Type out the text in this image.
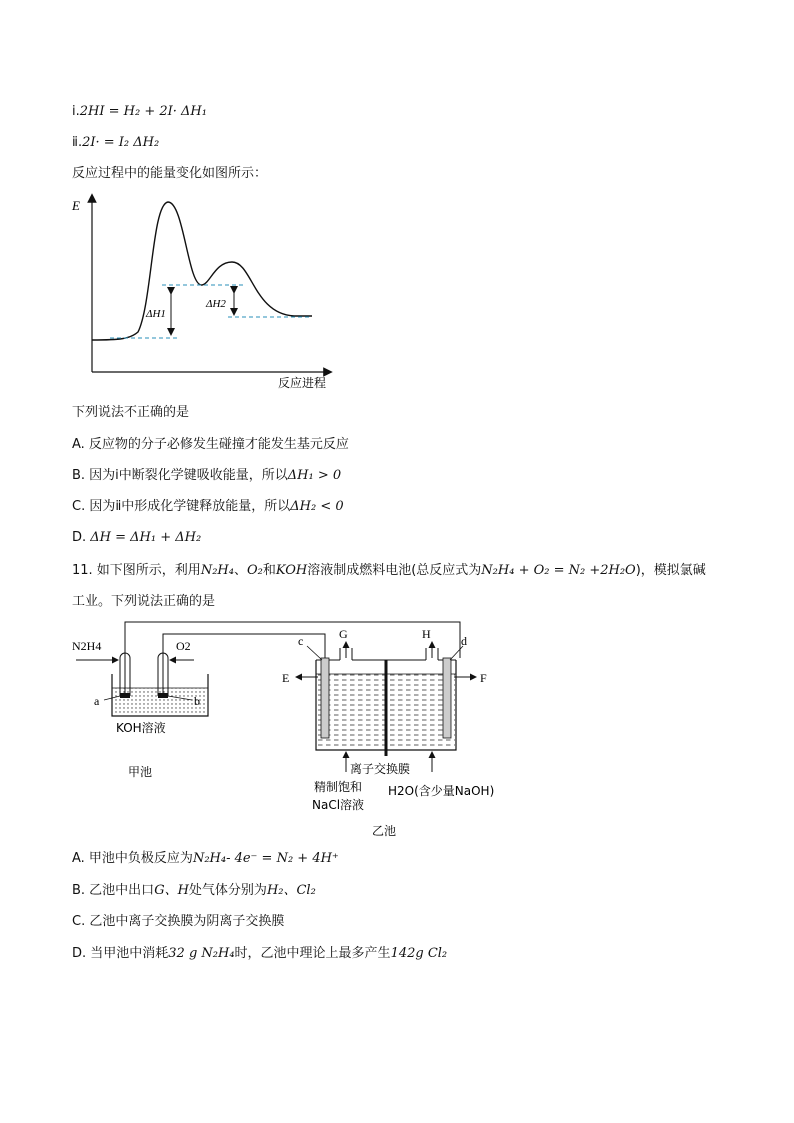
ⅰ.2HI = H₂ + 2I· ΔH₁
ⅱ.2I· = I₂ ΔH₂
反应过程中的能量变化如图所示：
E
反应进程
ΔH1
ΔH2
下列说法不正确的是
A. 反应物的分子必修发生碰撞才能发生基元反应
B. 因为ⅰ中断裂化学键吸收能量，所以ΔH₁ > 0
C. 因为ⅱ中形成化学键释放能量，所以ΔH₂ < 0
D. ΔH = ΔH₁ + ΔH₂
11. 如下图所示，利用N₂H₄、O₂和KOH溶液制成燃料电池(总反应式为N₂H₄ + O₂ = N₂ +2H₂O)，模拟氯碱
工业。下列说法正确的是
N2H4	O2
a	b
KOH溶液
甲池
c	d
G	H
E	F
离子交换膜
精制饱和
NaCl溶液
H2O(含少量NaOH)
乙池
A. 甲池中负极反应为N₂H₄- 4e⁻ = N₂ + 4H⁺
B. 乙池中出口G、H处气体分别为H₂、Cl₂
C. 乙池中离子交换膜为阴离子交换膜
D. 当甲池中消耗32 g N₂H₄时，乙池中理论上最多产生142g Cl₂
